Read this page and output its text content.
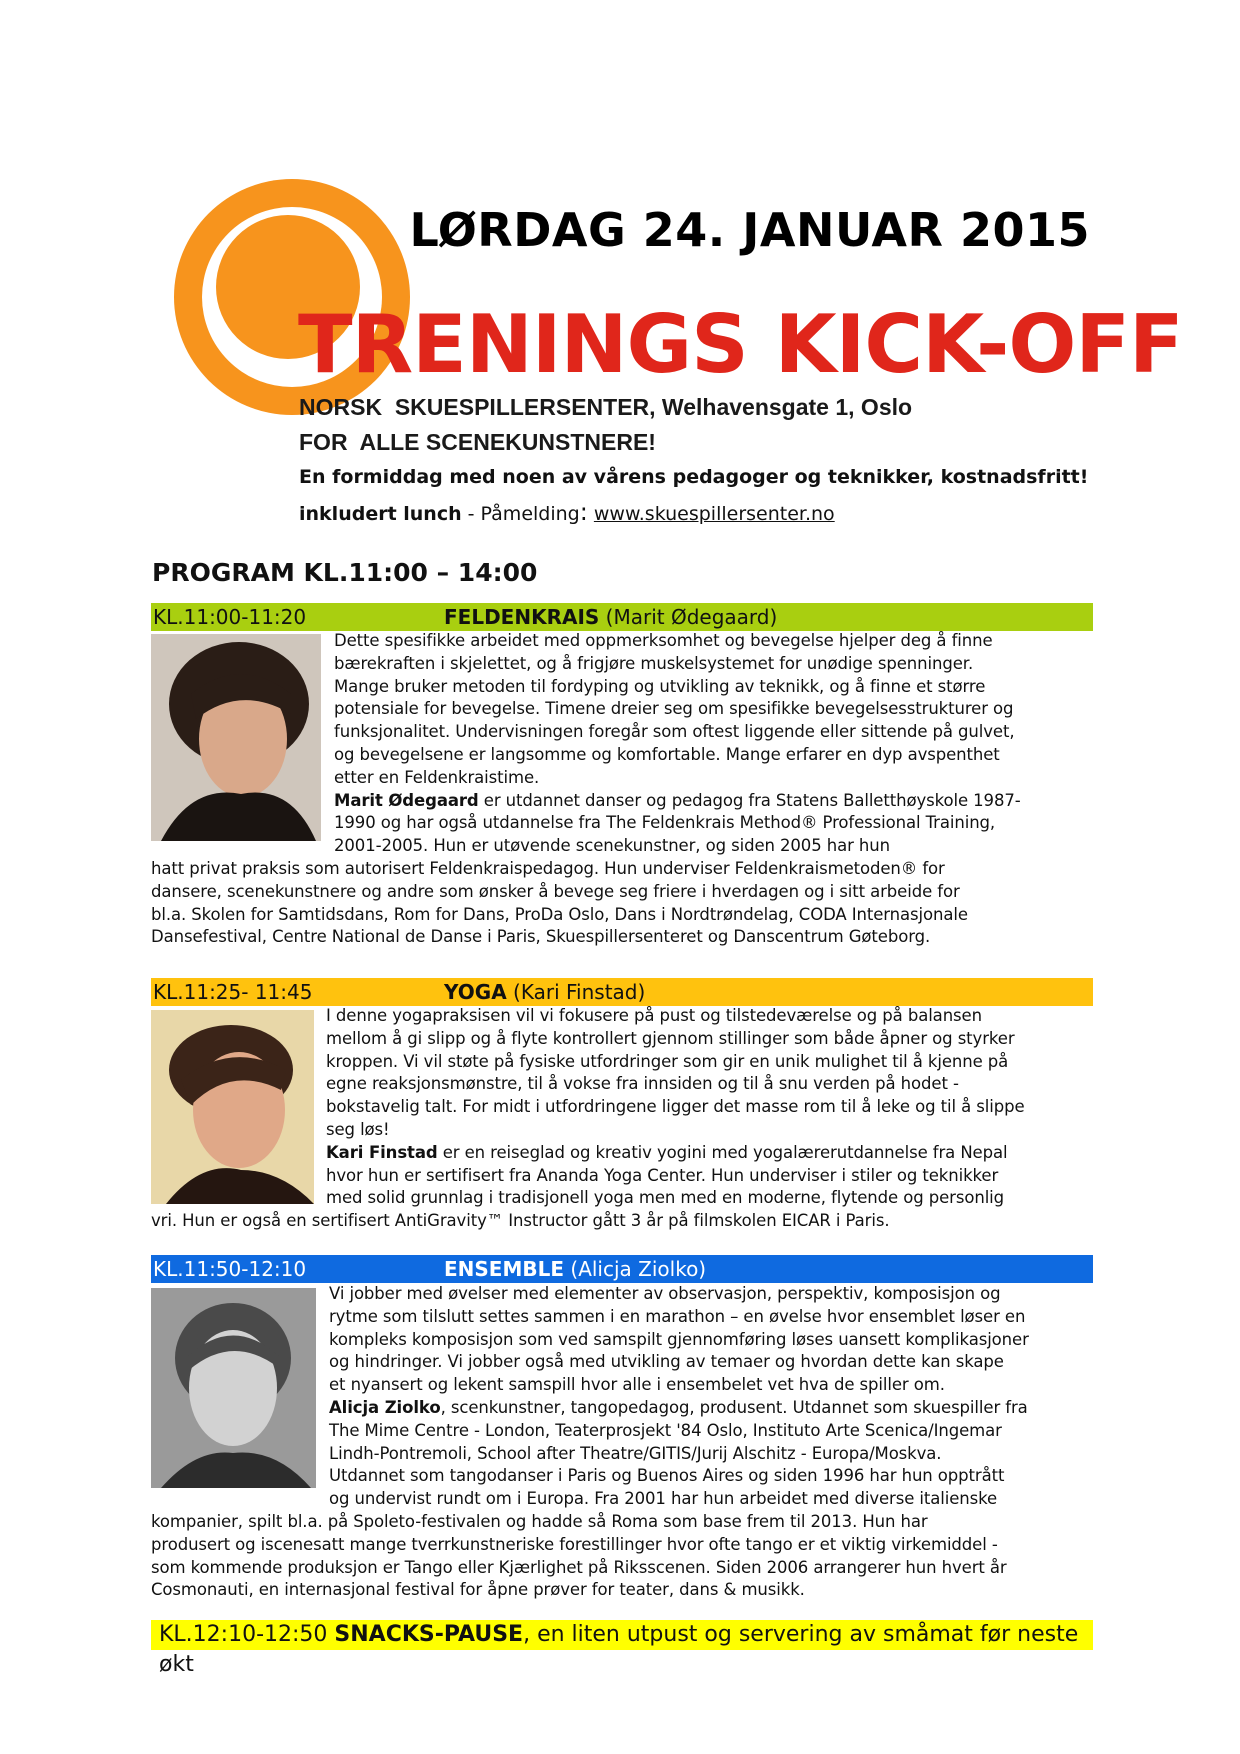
LØRDAG 24. JANUAR 2015
TRENINGS KICK-OFF
NORSK  SKUESPILLERSENTER, Welhavensgate 1, Oslo
FOR  ALLE SCENEKUNSTNERE!
En formiddag med noen av vårens pedagoger og teknikker, kostnadsfritt!
inkludert lunch - Påmelding: www.skuespillersenter.no
PROGRAM KL.11:00 – 14:00
KL.11:00-11:20	FELDENKRAIS (Marit Ødegaard)

Dette spesifikke arbeidet med oppmerksomhet og bevegelse hjelper deg å finne

bærekraften i skjelettet, og å frigjøre muskelsystemet for unødige spenninger.

Mange bruker metoden til fordyping og utvikling av teknikk, og å finne et større

potensiale for bevegelse. Timene dreier seg om spesifikke bevegelsesstrukturer og

funksjonalitet. Undervisningen foregår som oftest liggende eller sittende på gulvet,

og bevegelsene er langsomme og komfortable. Mange erfarer en dyp avspenthet

etter en Feldenkraistime.

Marit Ødegaard er utdannet danser og pedagog fra Statens Balletthøyskole 1987-

1990 og har også utdannelse fra The Feldenkrais Method® Professional Training,

2001-2005. Hun er utøvende scenekunstner, og siden 2005 har hun

hatt privat praksis som autorisert Feldenkraispedagog. Hun underviser Feldenkraismetoden® for

dansere, scenekunstnere og andre som ønsker å bevege seg friere i hverdagen og i sitt arbeide for

bl.a. Skolen for Samtidsdans, Rom for Dans, ProDa Oslo, Dans i Nordtrøndelag, CODA Internasjonale

Dansefestival, Centre National de Danse i Paris, Skuespillersenteret og Danscentrum Gøteborg.

KL.11:25- 11:45	YOGA (Kari Finstad)

I denne yogapraksisen vil vi fokusere på pust og tilstedeværelse og på balansen

mellom å gi slipp og å flyte kontrollert gjennom stillinger som både åpner og styrker

kroppen. Vi vil støte på fysiske utfordringer som gir en unik mulighet til å kjenne på

egne reaksjonsmønstre, til å vokse fra innsiden og til å snu verden på hodet -

bokstavelig talt. For midt i utfordringene ligger det masse rom til å leke og til å slippe

seg løs!

Kari Finstad er en reiseglad og kreativ yogini med yogalærerutdannelse fra Nepal

hvor hun er sertifisert fra Ananda Yoga Center. Hun underviser i stiler og teknikker

med solid grunnlag i tradisjonell yoga men med en moderne, flytende og personlig

vri. Hun er også en sertifisert AntiGravity™ Instructor gått 3 år på filmskolen EICAR i Paris.

KL.11:50-12:10	ENSEMBLE (Alicja Ziolko)

Vi jobber med øvelser med elementer av observasjon, perspektiv, komposisjon og

rytme som tilslutt settes sammen i en marathon – en øvelse hvor ensemblet løser en

kompleks komposisjon som ved samspilt gjennomføring løses uansett komplikasjoner

og hindringer. Vi jobber også med utvikling av temaer og hvordan dette kan skape

et nyansert og lekent samspill hvor alle i ensembelet vet hva de spiller om.

Alicja Ziolko, scenkunstner, tangopedagog, produsent. Utdannet som skuespiller fra

The Mime Centre - London, Teaterprosjekt '84 Oslo, Instituto Arte Scenica/Ingemar

Lindh-Pontremoli, School after Theatre/GITIS/Jurij Alschitz - Europa/Moskva.

Utdannet som tangodanser i Paris og Buenos Aires og siden 1996 har hun opptrått

og undervist rundt om i Europa. Fra 2001 har hun arbeidet med diverse italienske

kompanier, spilt bl.a. på Spoleto-festivalen og hadde så Roma som base frem til 2013. Hun har

produsert og iscenesatt mange tverrkunstneriske forestillinger hvor ofte tango er et viktig virkemiddel -

som kommende produksjon er Tango eller Kjærlighet på Riksscenen. Siden 2006 arrangerer hun hvert år

Cosmonauti, en internasjonal festival for åpne prøver for teater, dans & musikk.

KL.12:10-12:50 SNACKS-PAUSE, en liten utpust og servering av småmat før neste økt
